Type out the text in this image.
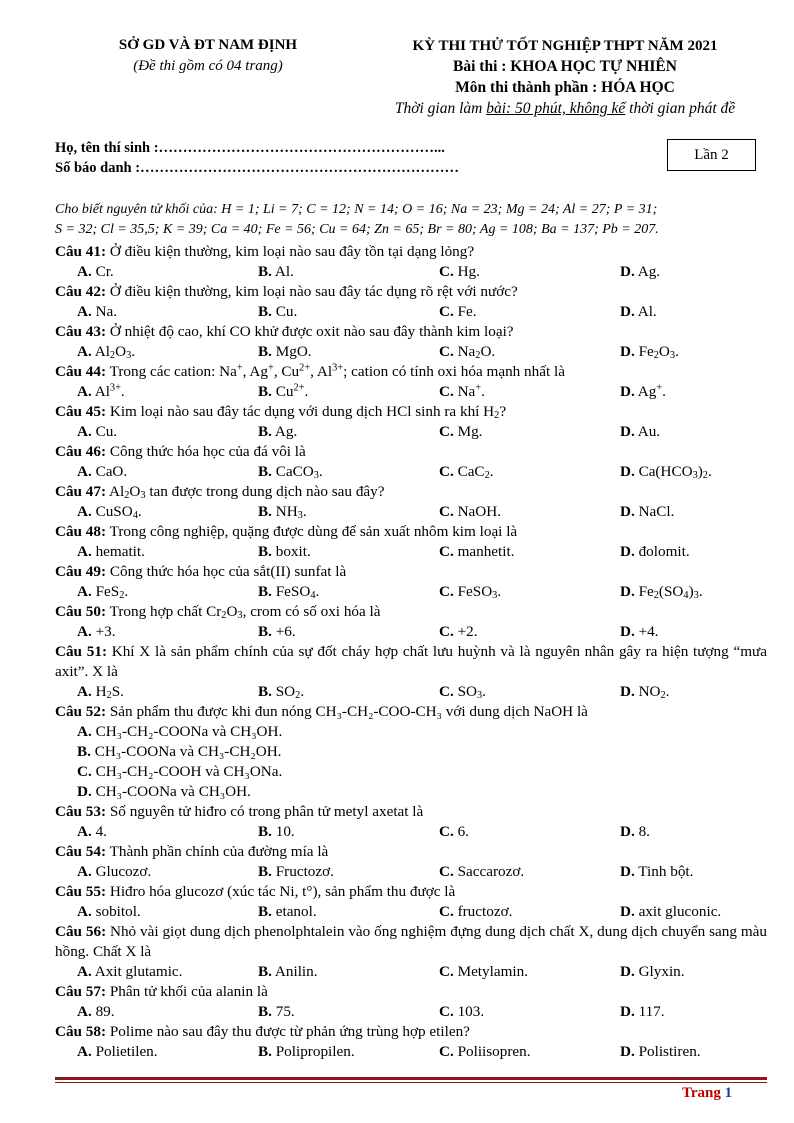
SỞ GD VÀ ĐT NAM ĐỊNH
(Đề thi gồm có 04 trang)
KỲ THI THỬ TỐT NGHIỆP THPT NĂM 2021
Bài thi : KHOA HỌC TỰ NHIÊN
Môn thi thành phần : HÓA HỌC
Thời gian làm bài: 50 phút, không kể thời gian phát đề
Họ, tên thí sinh :…………………………………………………...
Số báo danh :…………………………………………………………
Lần 2
Cho biết nguyên tử khối của: H = 1; Li = 7; C = 12; N = 14; O = 16; Na = 23; Mg = 24; Al = 27; P = 31;
S = 32; Cl = 35,5; K = 39; Ca = 40; Fe = 56; Cu = 64; Zn = 65; Br = 80; Ag = 108; Ba = 137; Pb = 207.
Câu 41: Ở điều kiện thường, kim loại nào sau đây tồn tại dạng lỏng?
A. Cr.	B. Al.	C. Hg.	D. Ag.
Câu 42: Ở điều kiện thường, kim loại nào sau đây tác dụng rõ rệt với nước?
A. Na.	B. Cu.	C. Fe.	D. Al.
Câu 43: Ở nhiệt độ cao, khí CO khử được oxit nào sau đây thành kim loại?
A. $Al_2O_3$.	B. MgO.	C. $Na_2O$.	D. $Fe_2O_3$.
Câu 44: Trong các cation: Na+, Ag+, $Cu^{2+}$, $Al^{3+}$; cation có tính oxi hóa mạnh nhất là
A. $Al^{3+}$.	B. $Cu^{2+}$.	C. Na+.	D. Ag+.
Câu 45: Kim loại nào sau đây tác dụng với dung dịch HCl sinh ra khí $H_2$?
A. Cu.	B. Ag.	C. Mg.	D. Au.
Câu 46: Công thức hóa học của đá vôi là
A. CaO.	B. CaCO$_3$.	C. CaC$_2$.	D. $Ca(HCO_3)_2$.
Câu 47: $Al_2O_3$ tan được trong dung dịch nào sau đây?
A. CuSO$_4$.	B. $NH_3$.	C. NaOH.	D. NaCl.
Câu 48: Trong công nghiệp, quặng được dùng để sản xuất nhôm kim loại là
A. hematit.	B. boxit.	C. manhetit.	D. đolomit.
Câu 49: Công thức hóa học của sắt(II) sunfat là
A. FeS$_2$.	B. FeSO$_4$.	C. FeSO$_3$.	D. $Fe_2(SO_4)_3$.
Câu 50: Trong hợp chất $Cr_2O_3$, crom có số oxi hóa là
A. +3.	B. +6.	C. +2.	D. +4.
Câu 51: Khí X là sản phẩm chính của sự đốt cháy hợp chất lưu huỳnh và là nguyên nhân gây ra hiện tượng “mưa axit”. X là
A. $H_2S$.	B. $SO_2$.	C. $SO_3$.	D. $NO_2$.
Câu 52: Sản phẩm thu được khi đun nóng CH₃-CH₂-COO-CH₃ với dung dịch NaOH là
A. CH₃-CH₂-COONa và CH₃OH.
B. CH₃-COONa và CH₃-CH₂OH.
C. CH₃-CH₂-COOH và CH₃ONa.
D. CH₃-COONa và CH₃OH.
Câu 53: Số nguyên tử hiđro có trong phân tử metyl axetat là
A. 4.	B. 10.	C. 6.	D. 8.
Câu 54: Thành phần chính của đường mía là
A. Glucozơ.	B. Fructozơ.	C. Saccarozơ.	D. Tinh bột.
Câu 55: Hiđro hóa glucozơ (xúc tác Ni, t°), sản phẩm thu được là
A. sobitol.	B. etanol.	C. fructozơ.	D. axit gluconic.
Câu 56: Nhỏ vài giọt dung dịch phenolphtalein vào ống nghiệm đựng dung dịch chất X, dung dịch chuyển sang màu hồng. Chất X là
A. Axit glutamic.	B. Anilin.	C. Metylamin.	D. Glyxin.
Câu 57: Phân tử khối của alanin là
A. 89.	B. 75.	C. 103.	D. 117.
Câu 58: Polime nào sau đây thu được từ phản ứng trùng hợp etilen?
A. Polietilen.	B. Polipropilen.	C. Poliisopren.	D. Polistiren.
Trang 1
